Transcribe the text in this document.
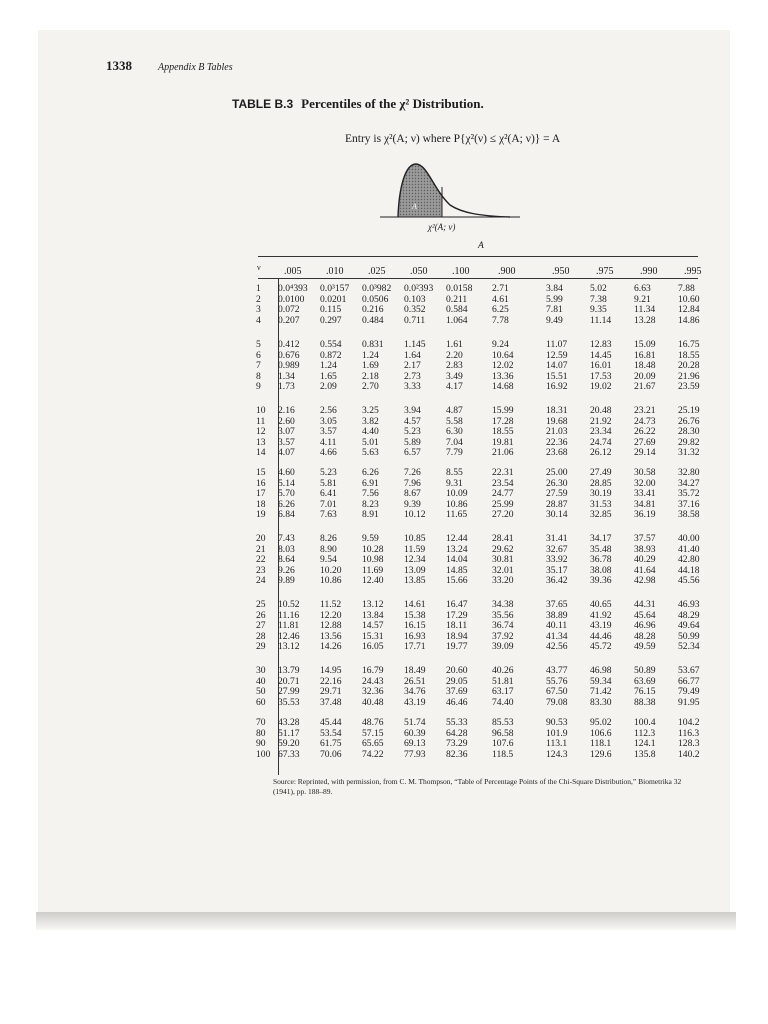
1338	Appendix B Tables
TABLE B.3 Percentiles of the χ² Distribution.
Entry is χ²(A; ν) where P{χ²(ν) ≤ χ²(A; ν)} = A
A
χ²(A; ν)
A
ν .005 .010 .025 .050 .100	.900	.950	.975	.990	.995
1	0.0⁴393	0.0³157	0.0³982	0.0²393	0.0158	2.71	3.84	5.02	6.63	7.88
2	0.0100	0.0201	0.0506	0.103	0.211	4.61	5.99	7.38	9.21	10.60
3	0.072	0.115	0.216	0.352	0.584	6.25	7.81	9.35	11.34	12.84
4	0.207	0.297	0.484	0.711	1.064	7.78	9.49	11.14	13.28	14.86
5	0.412	0.554	0.831	1.145	1.61	9.24	11.07	12.83	15.09	16.75
6	0.676	0.872	1.24	1.64	2.20	10.64	12.59	14.45	16.81	18.55
7	0.989	1.24	1.69	2.17	2.83	12.02	14.07	16.01	18.48	20.28
8	1.34	1.65	2.18	2.73	3.49	13.36	15.51	17.53	20.09	21.96
9	1.73	2.09	2.70	3.33	4.17	14.68	16.92	19.02	21.67	23.59
10	2.16	2.56	3.25	3.94	4.87	15.99	18.31	20.48	23.21	25.19
11	2.60	3.05	3.82	4.57	5.58	17.28	19.68	21.92	24.73	26.76
12	3.07	3.57	4.40	5.23	6.30	18.55	21.03	23.34	26.22	28.30
13	3.57	4.11	5.01	5.89	7.04	19.81	22.36	24.74	27.69	29.82
14	4.07	4.66	5.63	6.57	7.79	21.06	23.68	26.12	29.14	31.32
15	4.60	5.23	6.26	7.26	8.55	22.31	25.00	27.49	30.58	32.80
16	5.14	5.81	6.91	7.96	9.31	23.54	26.30	28.85	32.00	34.27
17	5.70	6.41	7.56	8.67	10.09	24.77	27.59	30.19	33.41	35.72
18	6.26	7.01	8.23	9.39	10.86	25.99	28.87	31.53	34.81	37.16
19	6.84	7.63	8.91	10.12	11.65	27.20	30.14	32.85	36.19	38.58
20	7.43	8.26	9.59	10.85	12.44	28.41	31.41	34.17	37.57	40.00
21	8.03	8.90	10.28	11.59	13.24	29.62	32.67	35.48	38.93	41.40
22	8.64	9.54	10.98	12.34	14.04	30.81	33.92	36.78	40.29	42.80
23	9.26	10.20	11.69	13.09	14.85	32.01	35.17	38.08	41.64	44.18
24	9.89	10.86	12.40	13.85	15.66	33.20	36.42	39.36	42.98	45.56
25	10.52	11.52	13.12	14.61	16.47	34.38	37.65	40.65	44.31	46.93
26	11.16	12.20	13.84	15.38	17.29	35.56	38.89	41.92	45.64	48.29
27	11.81	12.88	14.57	16.15	18.11	36.74	40.11	43.19	46.96	49.64
28	12.46	13.56	15.31	16.93	18.94	37.92	41.34	44.46	48.28	50.99
29	13.12	14.26	16.05	17.71	19.77	39.09	42.56	45.72	49.59	52.34
30	13.79	14.95	16.79	18.49	20.60	40.26	43.77	46.98	50.89	53.67
40	20.71	22.16	24.43	26.51	29.05	51.81	55.76	59.34	63.69	66.77
50	27.99	29.71	32.36	34.76	37.69	63.17	67.50	71.42	76.15	79.49
60	35.53	37.48	40.48	43.19	46.46	74.40	79.08	83.30	88.38	91.95
70	43.28	45.44	48.76	51.74	55.33	85.53	90.53	95.02	100.4	104.2
80	51.17	53.54	57.15	60.39	64.28	96.58	101.9	106.6	112.3	116.3
90	59.20	61.75	65.65	69.13	73.29	107.6	113.1	118.1	124.1	128.3
100 67.33	70.06	74.22	77.93	82.36	118.5	124.3	129.6	135.8	140.2
Source: Reprinted, with permission, from C. M. Thompson, “Table of Percentage Points of the Chi-Square Distribution,” Biometrika 32 (1941), pp. 188–89.
